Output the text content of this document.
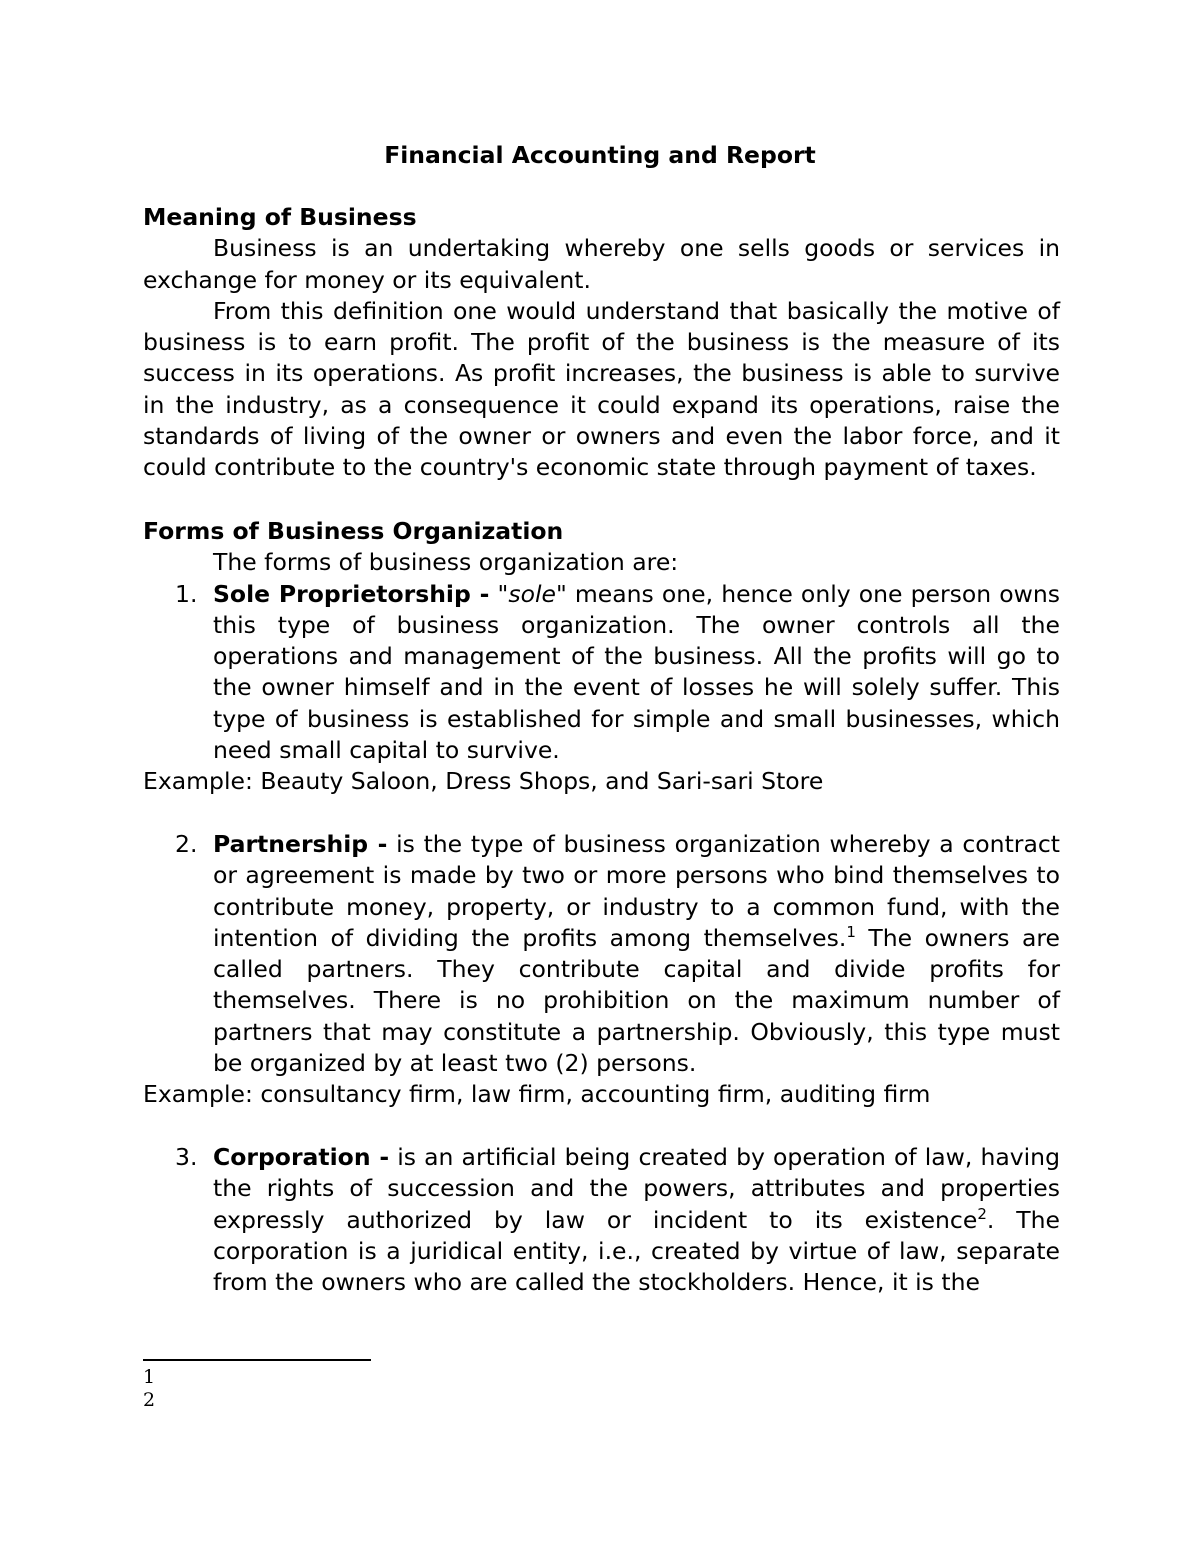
Financial Accounting and Report

Meaning of Business

Business is an undertaking whereby one sells goods or services in exchange for money or its equivalent.

From this definition one would understand that basically the motive of business is to earn profit. The profit of the business is the measure of its success in its operations. As profit increases, the business is able to survive in the industry, as a consequence it could expand its operations, raise the standards of living of the owner or owners and even the labor force, and it could contribute to the country's economic state through payment of taxes.

Forms of Business Organization

The forms of business organization are:

1. Sole Proprietorship - "sole" means one, hence only one person owns this type of business organization. The owner controls all the operations and management of the business. All the profits will go to the owner himself and in the event of losses he will solely suffer. This type of business is established for simple and small businesses, which need small capital to survive.

Example: Beauty Saloon, Dress Shops, and Sari-sari Store

2. Partnership - is the type of business organization whereby a contract or agreement is made by two or more persons who bind themselves to contribute money, property, or industry to a common fund, with the intention of dividing the profits among themselves.$^1$ The owners are called partners. They contribute capital and divide profits for themselves. There is no prohibition on the maximum number of partners that may constitute a partnership. Obviously, this type must be organized by at least two (2) persons.

Example: consultancy firm, law firm, accounting firm, auditing firm

3. Corporation - is an artificial being created by operation of law, having the rights of succession and the powers, attributes and properties expressly authorized by law or incident to its existence$^2$. The corporation is a juridical entity, i.e., created by virtue of law, separate from the owners who are called the stockholders. Hence, it is the
1
2
